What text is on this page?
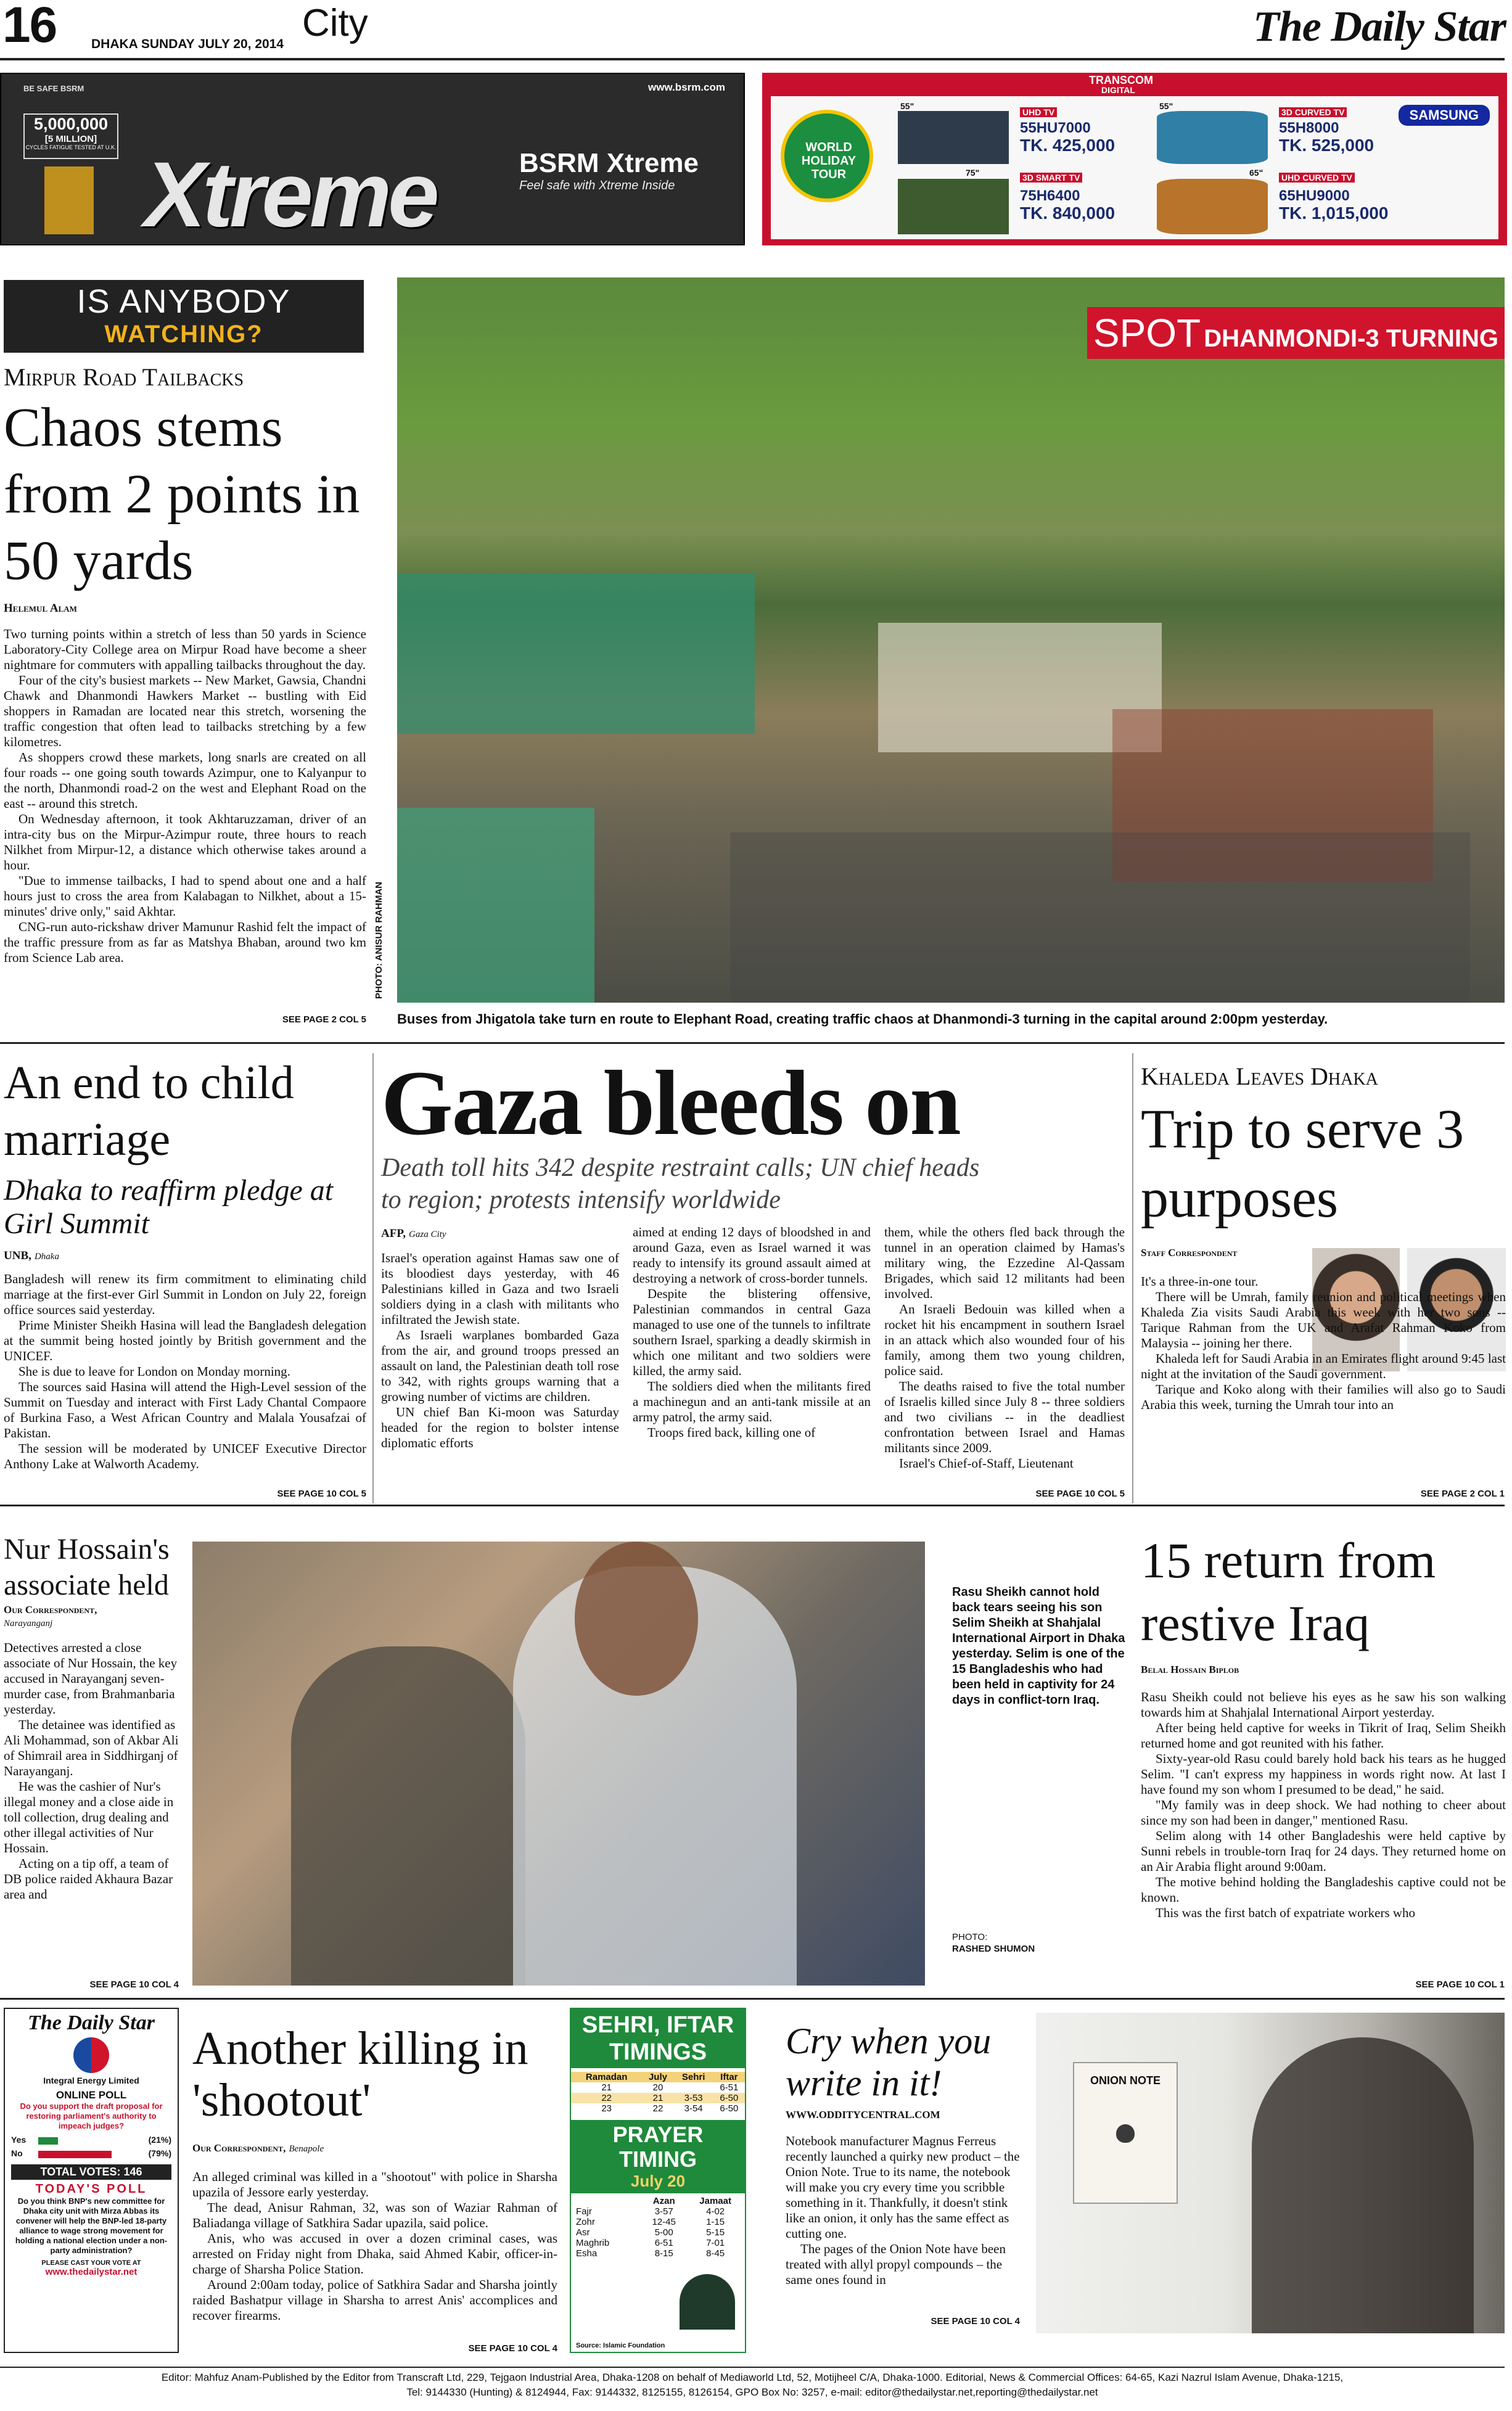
16	DHAKA SUNDAY JULY 20, 2014 City	The Daily Star
BE SAFE BSRM
5,000,000
[5 MILLION]
CYCLES FATIGUE TESTED AT U.K. Xtreme
www.bsrm.com
BSRM Xtreme
Feel safe with Xtreme Inside
TRANSCOM
DIGITAL
WORLD HOLIDAY TOUR
SAMSUNG
55"
UHD TV
55HU7000
TK. 425,000
55"
3D CURVED TV
55H8000
TK. 525,000
75"	3D SMART TV
75H6400
TK. 840,000
65" UHD CURVED TV
65HU9000
TK. 1,015,000
IS ANYBODY
WATCHING?
Mirpur Road Tailbacks
Chaos stems from 2 points in 50 yards
Helemul Alam

Two turning points within a stretch of less than 50 yards in Science Laboratory-City College area on Mirpur Road have become a sheer nightmare for commuters with appalling tailbacks throughout the day.

Four of the city's busiest markets -- New Market, Gawsia, Chandni Chawk and Dhanmondi Hawkers Market -- bustling with Eid shoppers in Ramadan are located near this stretch, worsening the traffic congestion that often lead to tailbacks stretching by a few kilometres.

As shoppers crowd these markets, long snarls are created on all four roads -- one going south towards Azimpur, one to Kalyanpur to the north, Dhanmondi road-2 on the west and Elephant Road on the east -- around this stretch.

On Wednesday afternoon, it took Akhtaruzzaman, driver of an intra-city bus on the Mirpur-Azimpur route, three hours to reach Nilkhet from Mirpur-12, a distance which otherwise takes around a hour.

"Due to immense tailbacks, I had to spend about one and a half hours just to cross the area from Kalabagan to Nilkhet, about a 15-minutes' drive only," said Akhtar.

CNG-run auto-rickshaw driver Mamunur Rashid felt the impact of the traffic pressure from as far as Matshya Bhaban, around two km from Science Lab area.

SEE PAGE 2 COL 5
SPOT DHANMONDI-3 TURNING
PHOTO: ANISUR RAHMAN
Buses from Jhigatola take turn en route to Elephant Road, creating traffic chaos at Dhanmondi-3 turning in the capital around 2:00pm yesterday.
An end to child marriage
Dhaka to reaffirm pledge at Girl Summit
UNB, Dhaka

Bangladesh will renew its firm commitment to eliminating child marriage at the first-ever Girl Summit in London on July 22, foreign office sources said yesterday.

Prime Minister Sheikh Hasina will lead the Bangladesh delegation at the summit being hosted jointly by British government and the UNICEF.

She is due to leave for London on Monday morning.

The sources said Hasina will attend the High-Level session of the Summit on Tuesday and interact with First Lady Chantal Compaore of Burkina Faso, a West African Country and Malala Yousafzai of Pakistan.

The session will be moderated by UNICEF Executive Director Anthony Lake at Walworth Academy.

SEE PAGE 10 COL 5
Gaza bleeds on
Death toll hits 342 despite restraint calls; UN chief heads to region; protests intensify worldwide
AFP, Gaza City

Israel's operation against Hamas saw one of its bloodiest days yesterday, with 46 Palestinians killed in Gaza and two Israeli soldiers dying in a clash with militants who infiltrated the Jewish state.

As Israeli warplanes bombarded Gaza from the air, and ground troops pressed an assault on land, the Palestinian death toll rose to 342, with rights groups warning that a growing number of victims are children.

UN chief Ban Ki-moon was Saturday headed for the region to bolster intense diplomatic efforts

aimed at ending 12 days of bloodshed in and around Gaza, even as Israel warned it was ready to intensify its ground assault aimed at destroying a network of cross-border tunnels.

Despite the blistering offensive, Palestinian commandos in central Gaza managed to use one of the tunnels to infiltrate southern Israel, sparking a deadly skirmish in which one militant and two soldiers were killed, the army said.

The soldiers died when the militants fired a machinegun and an anti-tank missile at an army patrol, the army said.

Troops fired back, killing one of

them, while the others fled back through the tunnel in an operation claimed by Hamas's military wing, the Ezzedine Al-Qassam Brigades, which said 12 militants had been involved.

An Israeli Bedouin was killed when a rocket hit his encampment in southern Israel in an attack which also wounded four of his family, among them two young children, police said.

The deaths raised to five the total number of Israelis killed since July 8 -- three soldiers and two civilians -- in the deadliest confrontation between Israel and Hamas militants since 2009.

Israel's Chief-of-Staff, Lieutenant

SEE PAGE 10 COL 5
Khaleda Leaves Dhaka
Trip to serve 3 purposes
Staff Correspondent

It's a three-in-one tour.

There will be Umrah, family reunion and political meetings when Khaleda Zia visits Saudi Arabia this week with her two sons -- Tarique Rahman from the UK and Arafat Rahman Koko from Malaysia -- joining her there.

Khaleda left for Saudi Arabia in an Emirates flight around 9:45 last night at the invitation of the Saudi government.

Tarique and Koko along with their families will also go to Saudi Arabia this week, turning the Umrah tour into an

SEE PAGE 2 COL 1
Nur Hossain's associate held
Our Correspondent,
Narayanganj

Detectives arrested a close associate of Nur Hossain, the key accused in Narayanganj seven-murder case, from Brahmanbaria yesterday.

The detainee was identified as Ali Mohammad, son of Akbar Ali of Shimrail area in Siddhirganj of Narayanganj.

He was the cashier of Nur's illegal money and a close aide in toll collection, drug dealing and other illegal activities of Nur Hossain.

Acting on a tip off, a team of DB police raided Akhaura Bazar area and

SEE PAGE 10 COL 4
Rasu Sheikh cannot hold back tears seeing his son Selim Sheikh at Shahjalal International Airport in Dhaka yesterday. Selim is one of the 15 Bangladeshis who had been held in captivity for 24 days in conflict-torn Iraq.
PHOTO:
RASHED SHUMON
15 return from restive Iraq
Belal Hossain Biplob

Rasu Sheikh could not believe his eyes as he saw his son walking towards him at Shahjalal International Airport yesterday.

After being held captive for weeks in Tikrit of Iraq, Selim Sheikh returned home and got reunited with his father.

Sixty-year-old Rasu could barely hold back his tears as he hugged Selim. "I can't express my happiness in words right now. At last I have found my son whom I presumed to be dead," he said.

"My family was in deep shock. We had nothing to cheer about since my son had been in danger," mentioned Rasu.

Selim along with 14 other Bangladeshis were held captive by Sunni rebels in trouble-torn Iraq for 24 days. They returned home on an Air Arabia flight around 9:00am.

The motive behind holding the Bangladeshis captive could not be known.

This was the first batch of expatriate workers who

SEE PAGE 10 COL 1
The Daily Star
Integral Energy Limited
ONLINE POLL
Do you support the draft proposal for restoring parliament's authority to impeach judges?
Yes	(21%)
No	(79%)
TOTAL VOTES: 146
TODAY'S POLL
Do you think BNP's new committee for Dhaka city unit with Mirza Abbas its convener will help the BNP-led 18-party alliance to wage strong movement for holding a national election under a non-party administration?
PLEASE CAST YOUR VOTE AT
www.thedailystar.net
Another killing in 'shootout'
Our Correspondent, Benapole

An alleged criminal was killed in a "shootout" with police in Sharsha upazila of Jessore early yesterday.

The dead, Anisur Rahman, 32, was son of Waziar Rahman of Baliadanga village of Satkhira Sadar upazila, said police.

Anis, who was accused in over a dozen criminal cases, was arrested on Friday night from Dhaka, said Ahmed Kabir, officer-in-charge of Sharsha Police Station.

Around 2:00am today, police of Satkhira Sadar and Sharsha jointly raided Bashatpur village in Sharsha to arrest Anis' accomplices and recover firearms.

SEE PAGE 10 COL 4
SEHRI, IFTAR
TIMINGS
Ramadan	July	Sehri	Iftar
21	20		6-51
22	21	3-53	6-50
23	22	3-54	6-50
PRAYER TIMING
July 20
	Azan	Jamaat
Fajr	3-57	4-02
Zohr	12-45	1-15
Asr	5-00	5-15
Maghrib	6-51	7-01
Esha	8-15	8-45
Source: Islamic Foundation
Cry when you
write in it!
WWW.ODDITYCENTRAL.COM

Notebook manufacturer Magnus Ferreus recently launched a quirky new product – the Onion Note. True to its name, the notebook will make you cry every time you scribble something in it. Thankfully, it doesn't stink like an onion, it only has the same effect as cutting one.

The pages of the Onion Note have been treated with allyl propyl compounds – the same ones found in

SEE PAGE 10 COL 4
ONION NOTE
Editor: Mahfuz Anam-Published by the Editor from Transcraft Ltd, 229, Tejgaon Industrial Area, Dhaka-1208 on behalf of Mediaworld Ltd, 52, Motijheel C/A, Dhaka-1000. Editorial, News & Commercial Offices: 64-65, Kazi Nazrul Islam Avenue, Dhaka-1215,
Tel: 9144330 (Hunting) & 8124944, Fax: 9144332, 8125155, 8126154, GPO Box No: 3257, e-mail: editor@thedailystar.net,reporting@thedailystar.net
